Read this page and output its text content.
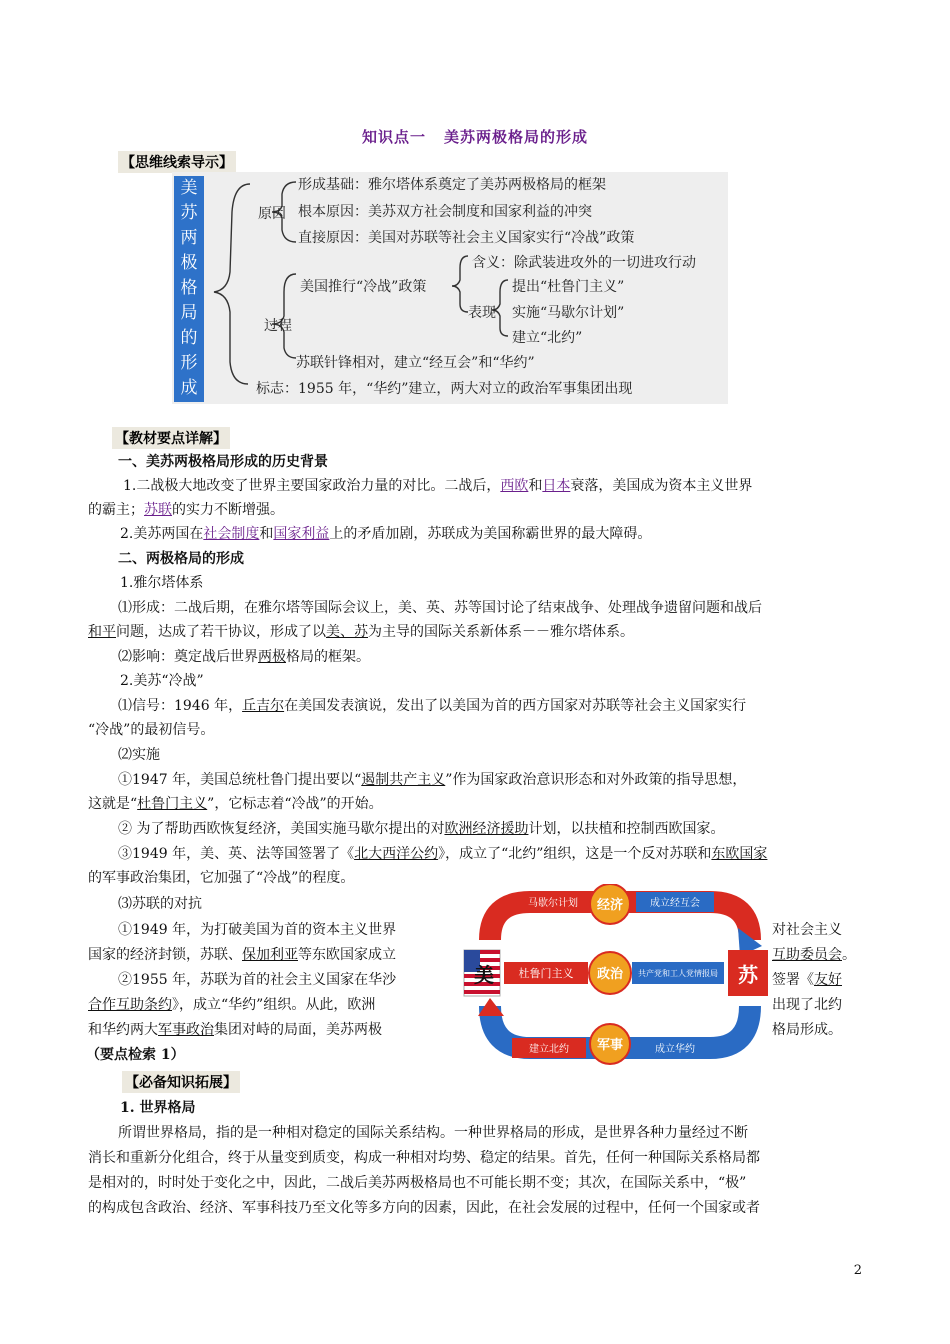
知识点一 美苏两极格局的形成
【思维线索导示】
美
苏
两
极
格
局
的
形
成
原因
形成基础：雅尔塔体系奠定了美苏两极格局的框架
根本原因：美苏双方社会制度和国家利益的冲突
直接原因：美国对苏联等社会主义国家实行“冷战”政策
过程
美国推行“冷战”政策
含义：除武装进攻外的一切进攻行动
表现
提出“杜鲁门主义”
实施“马歇尔计划”
建立“北约”
苏联针锋相对，建立“经互会”和“华约”
标志：1955 年，“华约”建立，两大对立的政治军事集团出现
【教材要点详解】
一、美苏两极格局形成的历史背景
1.二战极大地改变了世界主要国家政治力量的对比。二战后，西欧和日本衰落，美国成为资本主义世界
的霸主；苏联的实力不断增强。
2.美苏两国在社会制度和国家利益上的矛盾加剧，苏联成为美国称霸世界的最大障碍。
二、两极格局的形成
1.雅尔塔体系
⑴形成：二战后期，在雅尔塔等国际会议上，美、英、苏等国讨论了结束战争、处理战争遗留问题和战后
和平问题，达成了若干协议，形成了以美、苏为主导的国际关系新体系－－雅尔塔体系。
⑵影响：奠定战后世界两极格局的框架。
2.美苏“冷战”
⑴信号：1946 年，丘吉尔在美国发表演说，发出了以美国为首的西方国家对苏联等社会主义国家实行
“冷战”的最初信号。
⑵实施
①1947 年，美国总统杜鲁门提出要以“遏制共产主义”作为国家政治意识形态和对外政策的指导思想，
这就是“杜鲁门主义”，它标志着“冷战”的开始。
② 为了帮助西欧恢复经济，美国实施马歇尔提出的对欧洲经济援助计划，以扶植和控制西欧国家。
③1949 年，美、英、法等国签署了《北大西洋公约》，成立了“北约”组织，这是一个反对苏联和东欧国家
的军事政治集团，它加强了“冷战”的程度。
⑶苏联的对抗
①1949 年，为打破美国为首的资本主义世界	对社会主义
国家的经济封锁，苏联、保加利亚等东欧国家成立	互助委员会。
②1955 年，苏联为首的社会主义国家在华沙	签署《友好
合作互助条约》，成立“华约”组织。从此，欧洲	出现了北约
和华约两大军事政治集团对峙的局面，美苏两极	格局形成。
（要点检索 1）
马歇尔计划	成立经互会
经济
美 杜鲁门主义 政治 共产党和工人党情报局 苏
建立北约	成立华约
军事
【必备知识拓展】
1. 世界格局
所谓世界格局，指的是一种相对稳定的国际关系结构。一种世界格局的形成，是世界各种力量经过不断
消长和重新分化组合，终于从量变到质变，构成一种相对均势、稳定的结果。首先，任何一种国际关系格局都
是相对的，时时处于变化之中，因此，二战后美苏两极格局也不可能长期不变；其次，在国际关系中，“极”
的构成包含政治、经济、军事科技乃至文化等多方向的因素，因此，在社会发展的过程中，任何一个国家或者
2
